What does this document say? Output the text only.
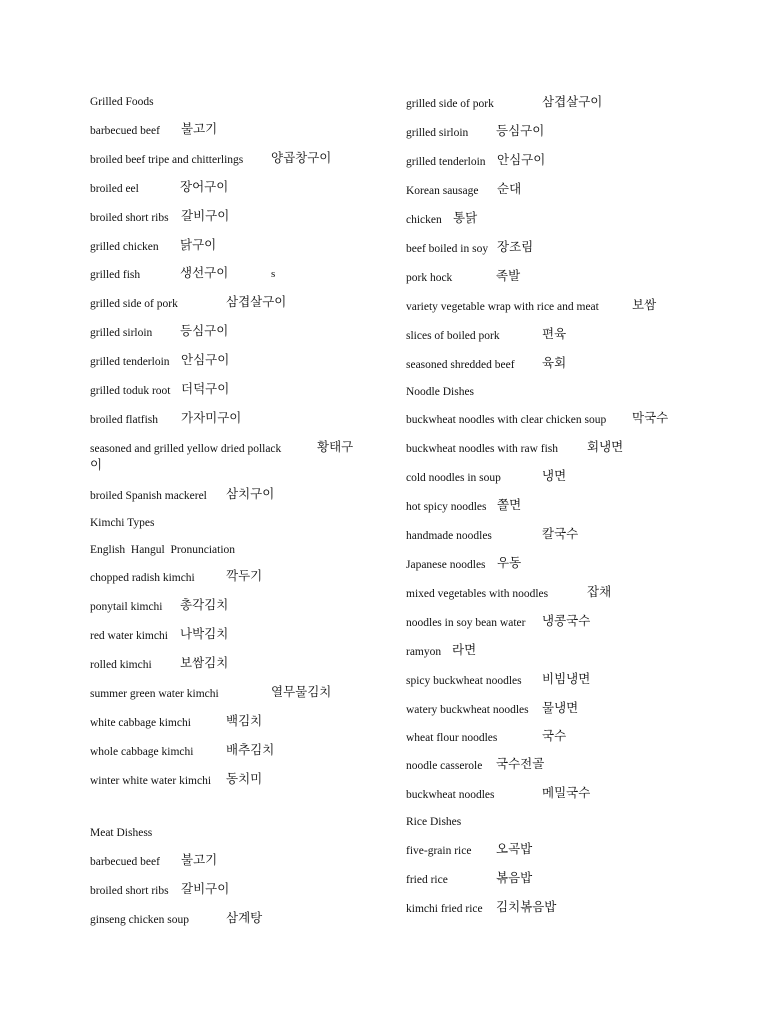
Grilled Foods
barbecued beef 불고기
broiled beef tripe and chitterlings 양곱창구이
broiled eel	장어구이
broiled short ribs 갈비구이
grilled chicken 닭구이
grilled fish	생선구이	s
grilled side of pork	삼겹살구이
grilled sirloin 등심구이
grilled tenderloin 안심구이
grilled toduk root 더덕구이
broiled flatfish 가자미구이
seasoned and grilled yellow dried pollack	황태구
이
broiled Spanish mackerel 삼치구이
Kimchi Types
English  Hangul  Pronunciation
chopped radish kimchi 깍두기
ponytail kimchi 총각김치
red water kimchi 나박김치
rolled kimchi 보쌈김치
summer green water kimchi	열무물김치
white cabbage kimchi	백김치
whole cabbage kimchi	배추김치
winter white water kimchi 동치미
Meat Dishess
barbecued beef 불고기
broiled short ribs 갈비구이
ginseng chicken soup	삼계탕
grilled side of pork	삼겹살구이
grilled sirloin 등심구이
grilled tenderloin 안심구이
Korean sausage 순대
chicken 통닭
beef boiled in soy 장조림
pork hock	족발
variety vegetable wrap with rice and meat	보쌈
slices of boiled pork	편육
seasoned shredded beef 육회
Noodle Dishes
buckwheat noodles with clear chicken soup 막국수
buckwheat noodles with raw fish 회냉면
cold noodles in soup	냉면
hot spicy noodles 쫄면
handmade noodles	칼국수
Japanese noodles 우동
mixed vegetables with noodles	잡채
noodles in soy bean water 냉콩국수
ramyon 라면
spicy buckwheat noodles 비빔냉면
watery buckwheat noodles 물냉면
wheat flour noodles	국수
noodle casserole 국수전골
buckwheat noodles	메밀국수
Rice Dishes
five-grain rice 오곡밥
fried rice	볶음밥
kimchi fried rice 김치볶음밥
